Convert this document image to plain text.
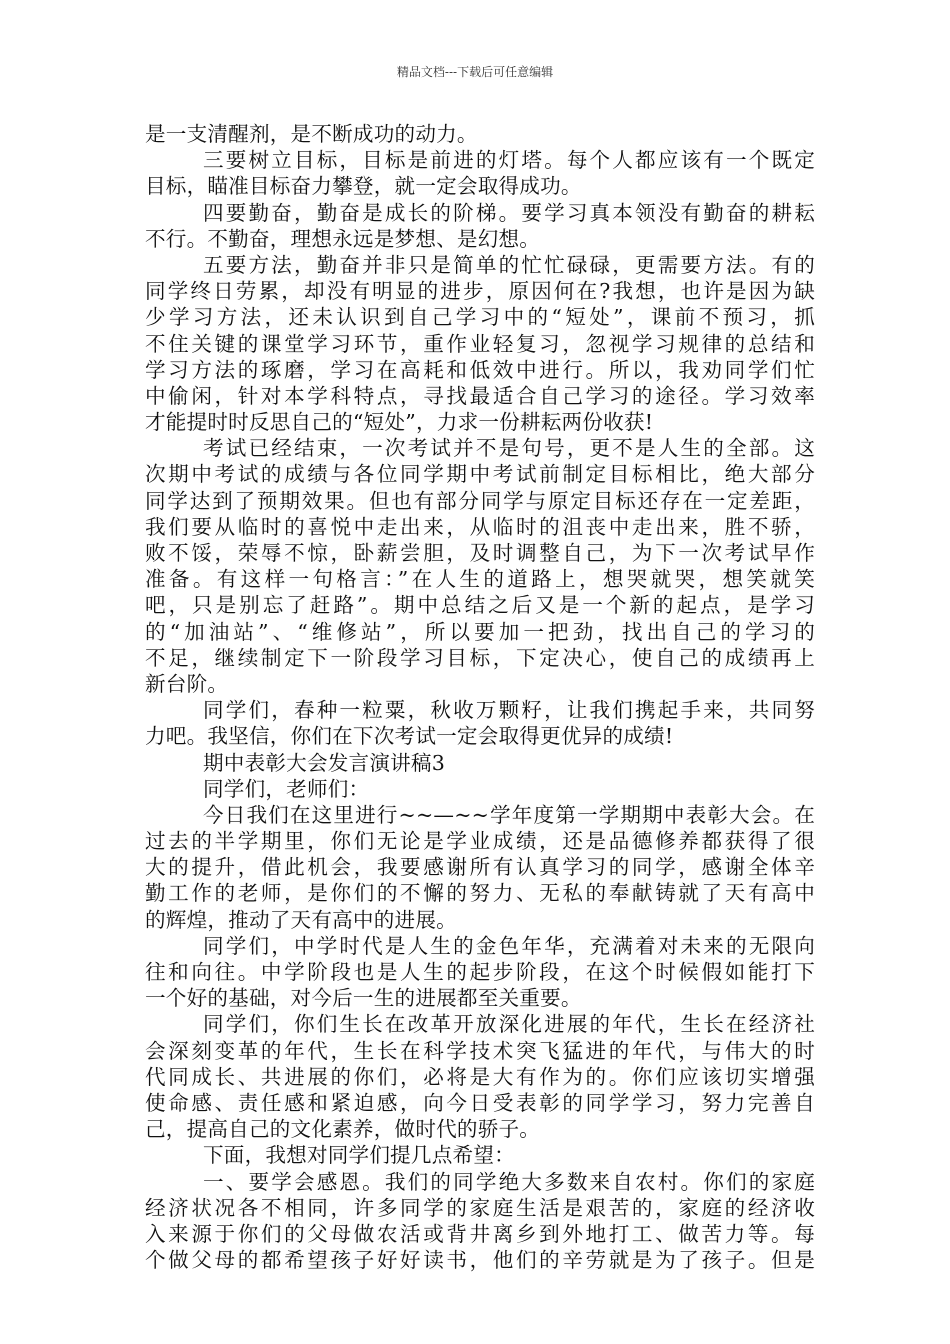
精品文档---下载后可任意编辑
是一支清醒剂，是不断成功的动力。
三要树立目标，目标是前进的灯塔。每个人都应该有一个既定
目标，瞄准目标奋力攀登，就一定会取得成功。
四要勤奋，勤奋是成长的阶梯。要学习真本领没有勤奋的耕耘
不行。不勤奋，理想永远是梦想、是幻想。
五要方法，勤奋并非只是简单的忙忙碌碌，更需要方法。有的
同学终日劳累，却没有明显的进步，原因何在?我想，也许是因为缺
少学习方法，还未认识到自己学习中的“短处”，课前不预习，抓
不住关键的课堂学习环节，重作业轻复习，忽视学习规律的总结和
学习方法的琢磨，学习在高耗和低效中进行。所以，我劝同学们忙
中偷闲，针对本学科特点，寻找最适合自己学习的途径。学习效率
才能提时时反思自己的“短处”，力求一份耕耘两份收获!
考试已经结束，一次考试并不是句号，更不是人生的全部。这
次期中考试的成绩与各位同学期中考试前制定目标相比，绝大部分
同学达到了预期效果。但也有部分同学与原定目标还存在一定差距，
我们要从临时的喜悦中走出来，从临时的沮丧中走出来，胜不骄，
败不馁，荣辱不惊，卧薪尝胆，及时调整自己，为下一次考试早作
准备。有这样一句格言：”在人生的道路上，想哭就哭，想笑就笑
吧，只是别忘了赶路”。期中总结之后又是一个新的起点，是学习
的“加油站”、“维修站”，所以要加一把劲，找出自己的学习的
不足，继续制定下一阶段学习目标，下定决心，使自己的成绩再上
新台阶。
同学们，春种一粒粟，秋收万颗籽，让我们携起手来，共同努
力吧。我坚信，你们在下次考试一定会取得更优异的成绩!
期中表彰大会发言演讲稿3
同学们，老师们：
今日我们在这里进行~~—~~学年度第一学期期中表彰大会。在
过去的半学期里，你们无论是学业成绩，还是品德修养都获得了很
大的提升，借此机会，我要感谢所有认真学习的同学，感谢全体辛
勤工作的老师，是你们的不懈的努力、无私的奉献铸就了天有高中
的辉煌，推动了天有高中的进展。
同学们，中学时代是人生的金色年华，充满着对未来的无限向
往和向往。中学阶段也是人生的起步阶段，在这个时候假如能打下
一个好的基础，对今后一生的进展都至关重要。
同学们，你们生长在改革开放深化进展的年代，生长在经济社
会深刻变革的年代，生长在科学技术突飞猛进的年代，与伟大的时
代同成长、共进展的你们，必将是大有作为的。你们应该切实增强
使命感、责任感和紧迫感，向今日受表彰的同学学习，努力完善自
己，提高自己的文化素养，做时代的骄子。
下面，我想对同学们提几点希望：
一、要学会感恩。我们的同学绝大多数来自农村。你们的家庭
经济状况各不相同，许多同学的家庭生活是艰苦的，家庭的经济收
入来源于你们的父母做农活或背井离乡到外地打工、做苦力等。每
个做父母的都希望孩子好好读书，他们的辛劳就是为了孩子。但是
